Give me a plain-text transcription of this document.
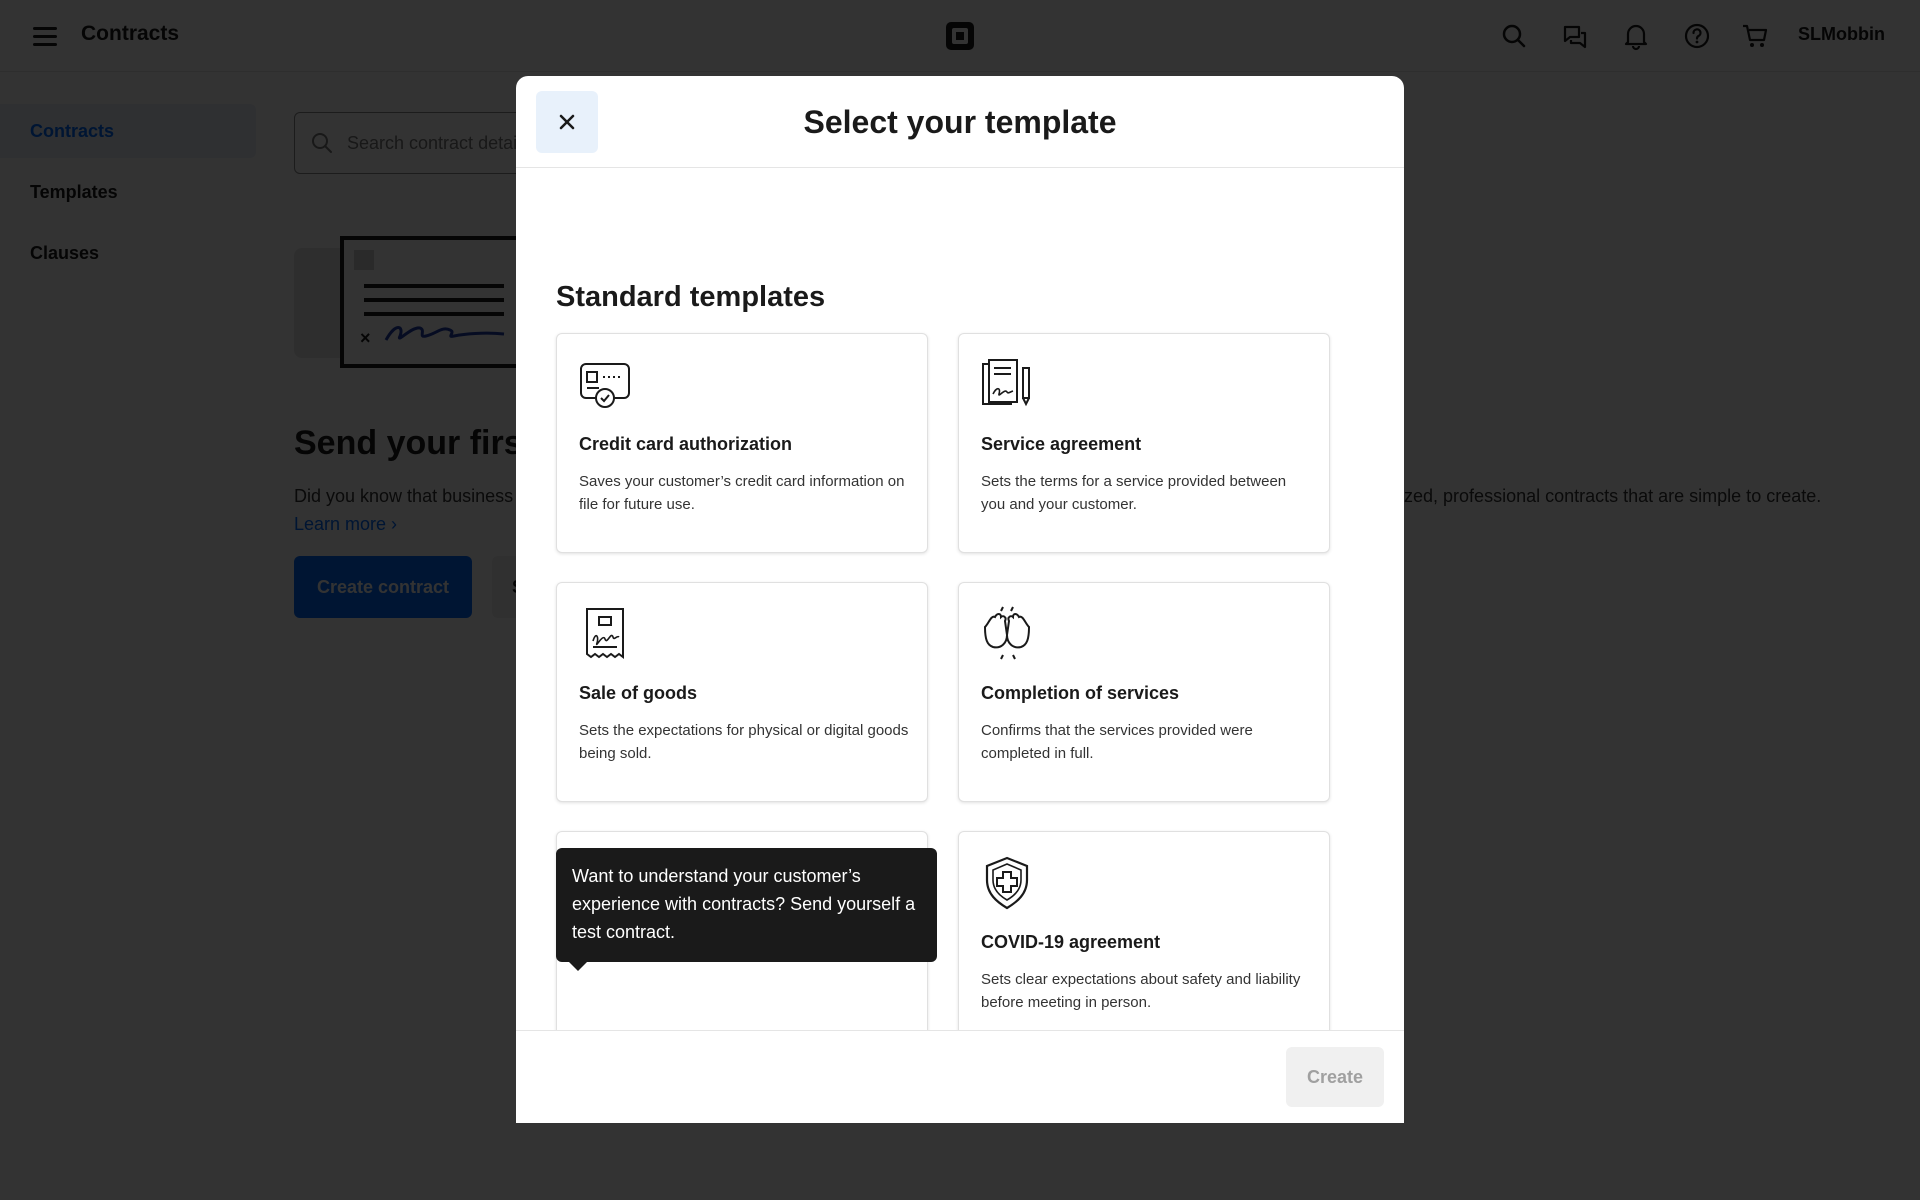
Search contract details
Select your template
Standard templates
Credit card authorization
Saves your customer’s credit card information on file for future use.
Service agreement
Sets the terms for a service provided between you and your customer.
Sale of goods
Sets the expectations for physical or digital goods being sold.
Completion of services
Confirms that the services provided were completed in full.
COVID-19 agreement
Sets clear expectations about safety and liability before meeting in person.
Create
Want to understand your customer’s experience with contracts? Send yourself a test contract.
